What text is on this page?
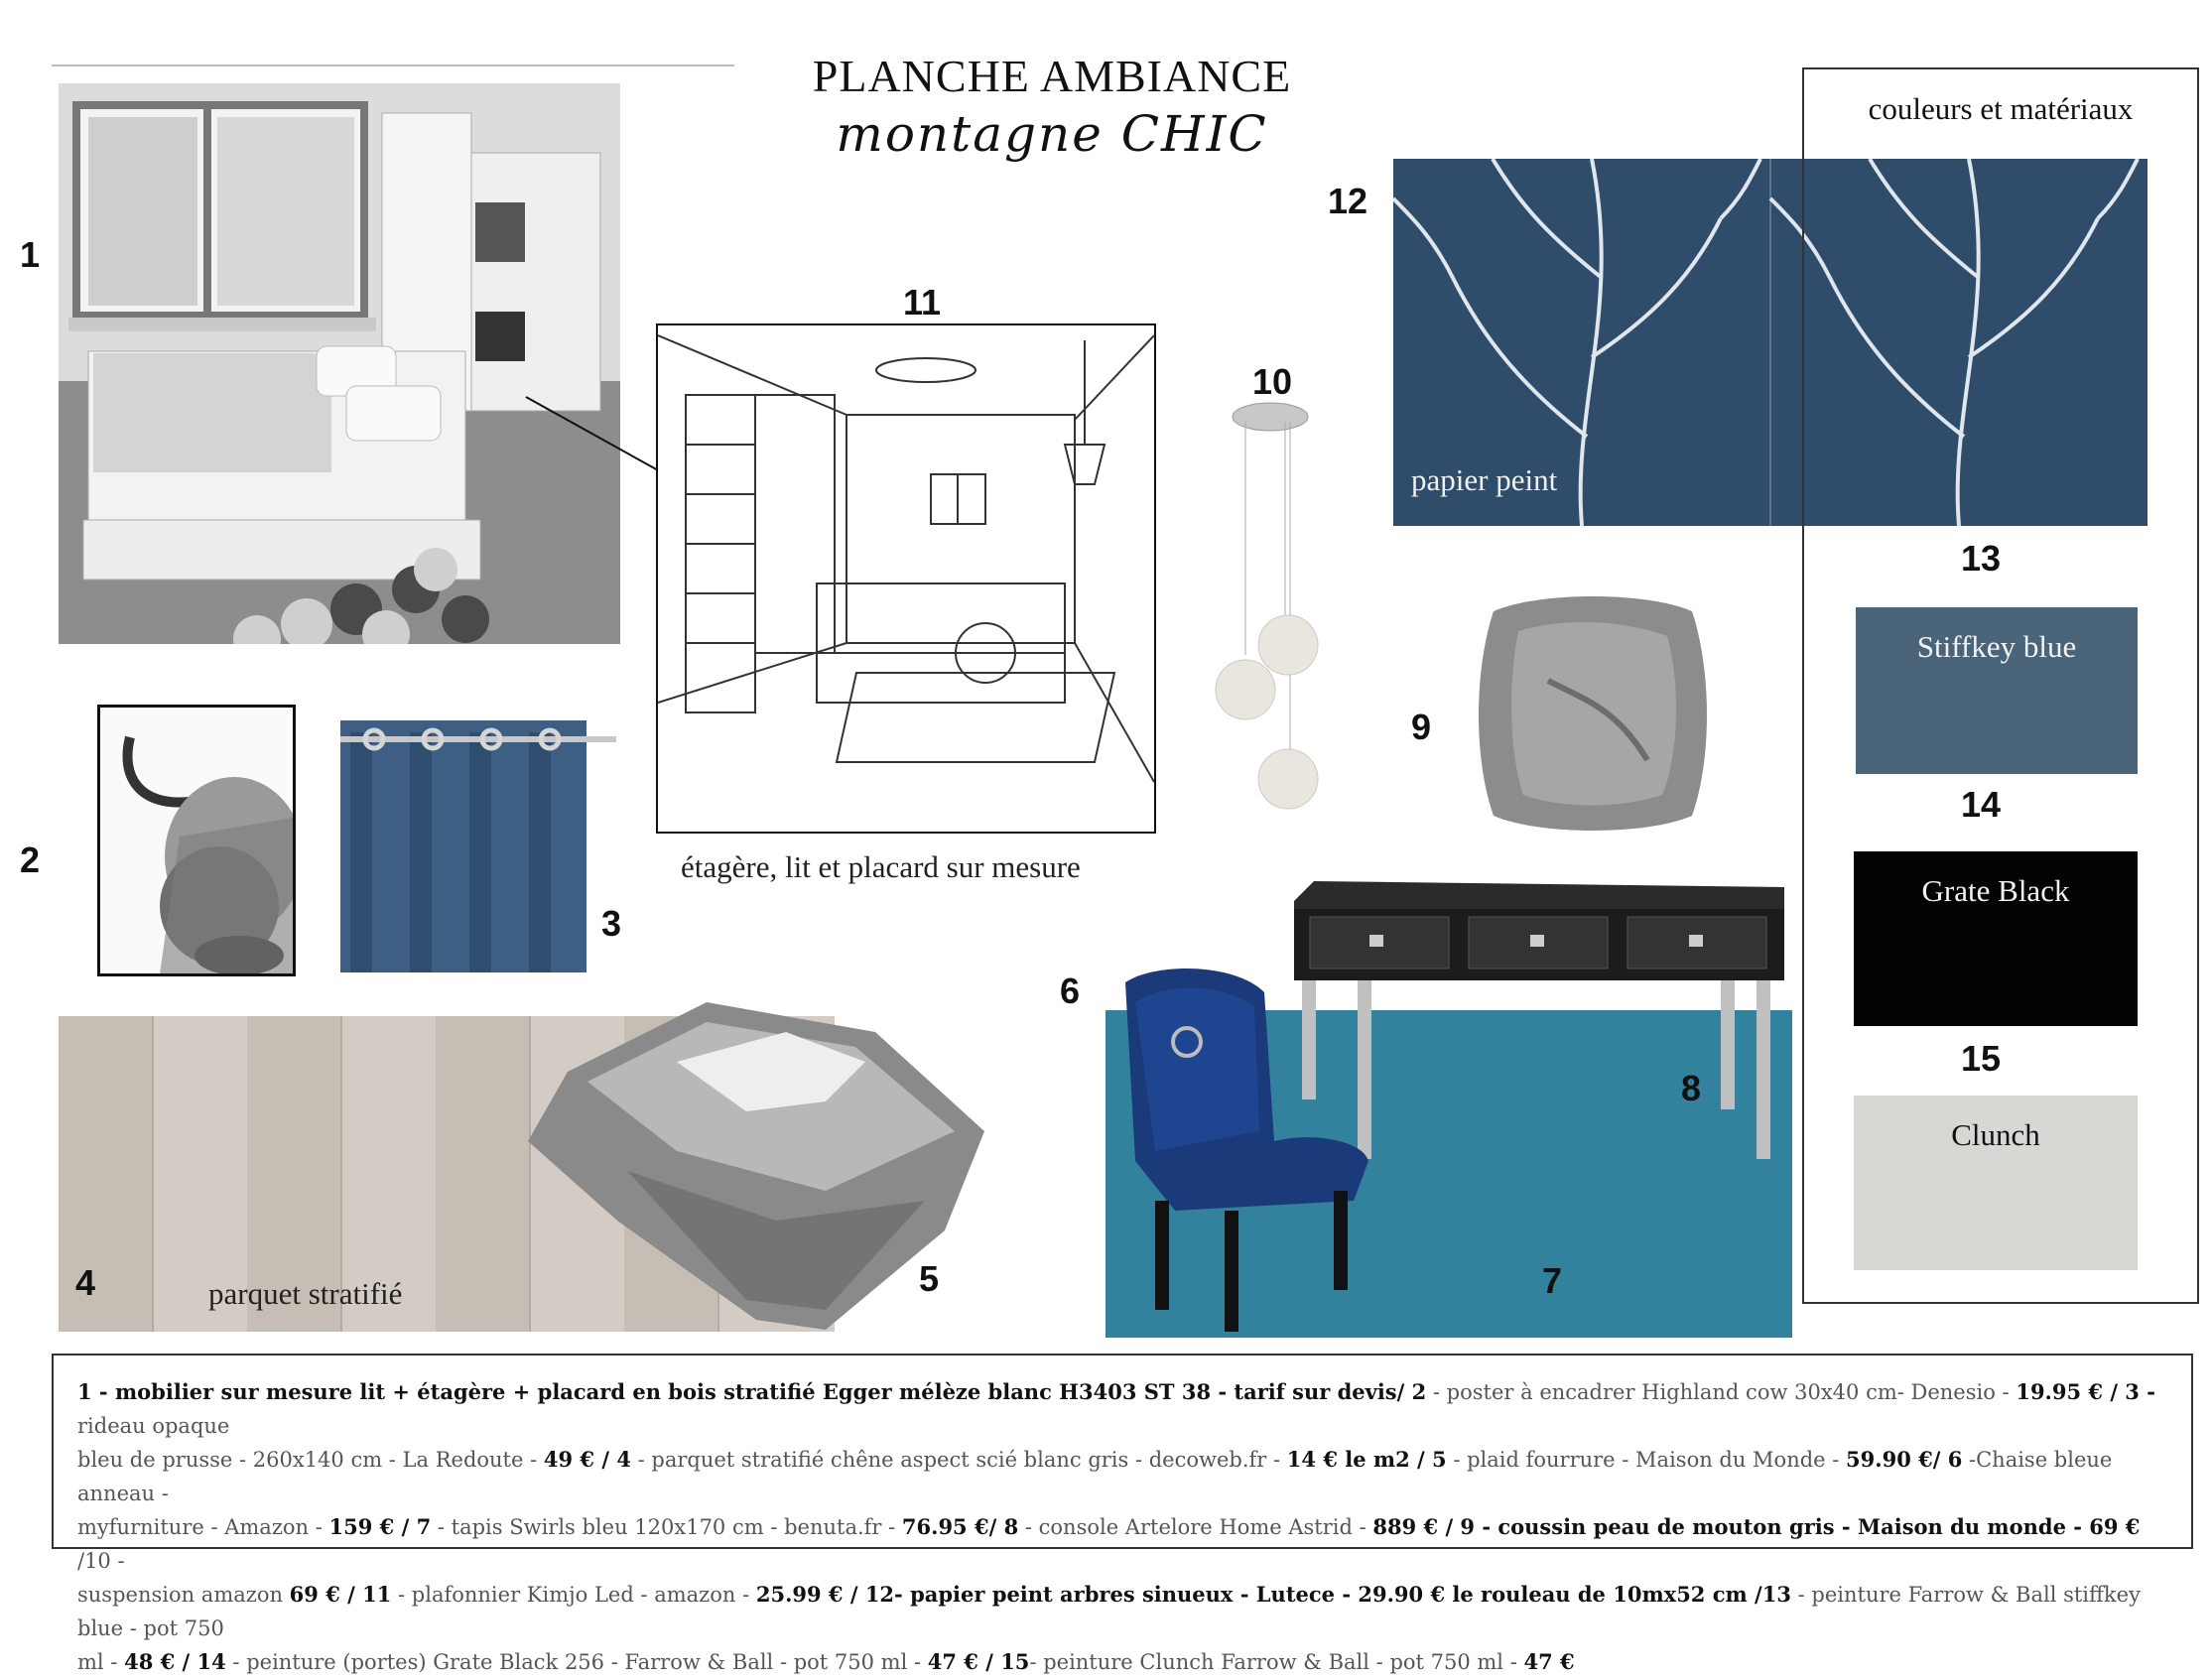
PLANCHE AMBIANCE
montagne CHIC
1
2
3
4	parquet stratifié	5
11
étagère, lit et placard sur mesure
10
12
papier peint
9
6
8
7
couleurs et matériaux
13
Stiffkey blue
14
Grate Black
15
Clunch
1 - mobilier sur mesure lit + étagère + placard en bois stratifié Egger mélèze blanc H3403 ST 38 - tarif sur devis/ 2 - poster à encadrer Highland cow 30x40 cm- Denesio - 19.95 € / 3 - rideau opaque
bleu de prusse - 260x140 cm - La Redoute - 49 € / 4 - parquet stratifié chêne aspect scié blanc gris - decoweb.fr - 14 € le m2 / 5 - plaid fourrure - Maison du Monde - 59.90 €/ 6 -Chaise bleue anneau -
myfurniture - Amazon - 159 € / 7 - tapis Swirls bleu 120x170 cm - benuta.fr - 76.95 €/ 8 - console Artelore Home Astrid - 889 € / 9 - coussin peau de mouton gris - Maison du monde - 69 € /10 -
suspension amazon 69 € / 11 - plafonnier Kimjo Led - amazon - 25.99 € / 12- papier peint arbres sinueux - Lutece - 29.90 € le rouleau de 10mx52 cm /13 - peinture Farrow & Ball stiffkey blue - pot 750
ml - 48 € / 14 - peinture (portes) Grate Black 256 - Farrow & Ball - pot 750 ml - 47 € / 15- peinture Clunch Farrow & Ball - pot 750 ml - 47 €
